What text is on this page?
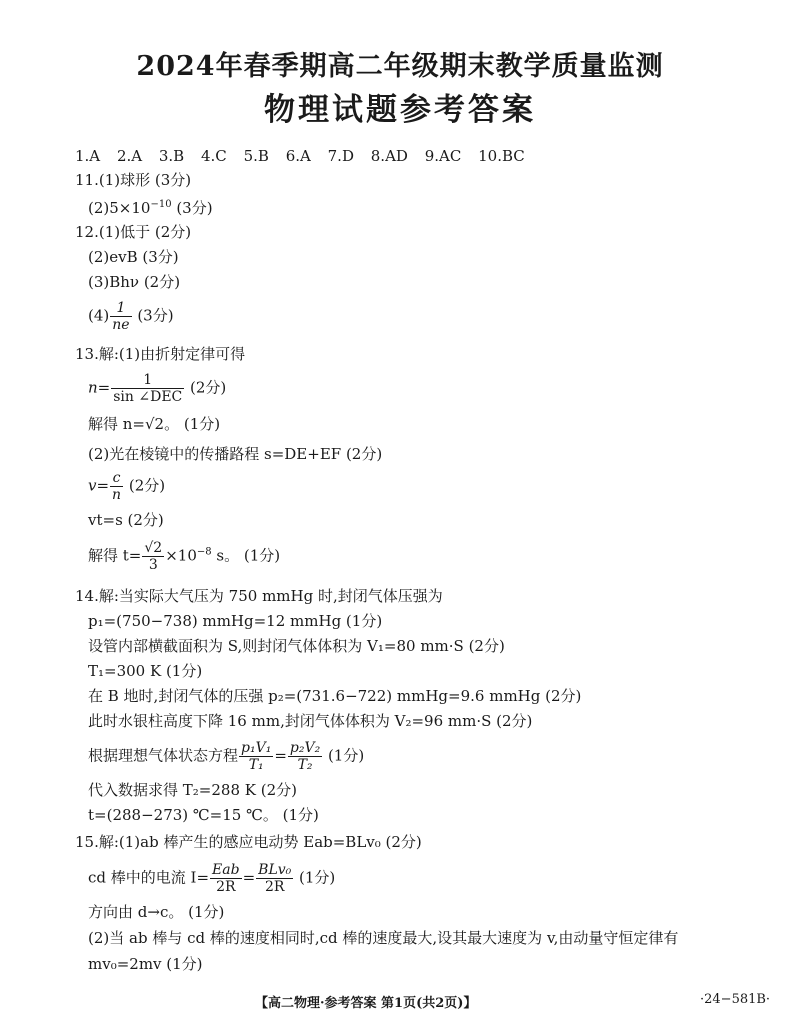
2024年春季期高二年级期末教学质量监测
物理试题参考答案
1.A 2.A 3.B 4.C 5.B 6.A 7.D 8.AD 9.AC 10.BC
11.(1)球形 (3分)
$(2)5\times 10^{-10}$ (3分)
12.(1)低于 (2分)
(2)evB (3分)
(3)Bhν (2分)
$(4) \frac{1}{ne} (3$分)
13.解:(1)由折射定律可得
$n= \frac{1}{\text{sin ∠DEC}} (2$分)
解得 n=√2。 (1分)
(2)光在棱镜中的传播路程 s=DE+EF (2分)
$v= \frac{c}{n} (2$分)
vt=s (2分)
解得 $t= \frac{√2}{3} \times 10^{-8}$ s。 (1分)
14.解:当实际大气压为 750 mmHg 时,封闭气体压强为
p₁=(750−738) mmHg=12 mmHg (1分)
设管内部横截面积为 S,则封闭气体体积为 V₁=80 mm·S (2分)
T₁=300 K (1分)
在 B 地时,封闭气体的压强 p₂=(731.6−722) mmHg=9.6 mmHg (2分)
此时水银柱高度下降 16 mm,封闭气体体积为 V₂=96 mm·S (2分)
根据理想气体状态方程 $\frac{\text{p₁V₁}}{\text{T₁}} = \frac{\text{p₂V₂}}{\text{T₂}} (1$分)
代入数据求得 T₂=288 K (2分)
t=(288−273) ℃=15 ℃。 (1分)
15.解:(1)ab 棒产生的感应电动势 Eab=BLv₀ (2分)
cd 棒中的电流 $I= \frac{\text{Eab}}{2R} = \frac{\text{BLv₀}}{2R} (1$分)
方向由 d→c。 (1分)
(2)当 ab 棒与 cd 棒的速度相同时,cd 棒的速度最大,设其最大速度为 v,由动量守恒定律有
mv₀=2mv (1分)
【高二物理·参考答案 第1页(共2页)】	·24−581B·
